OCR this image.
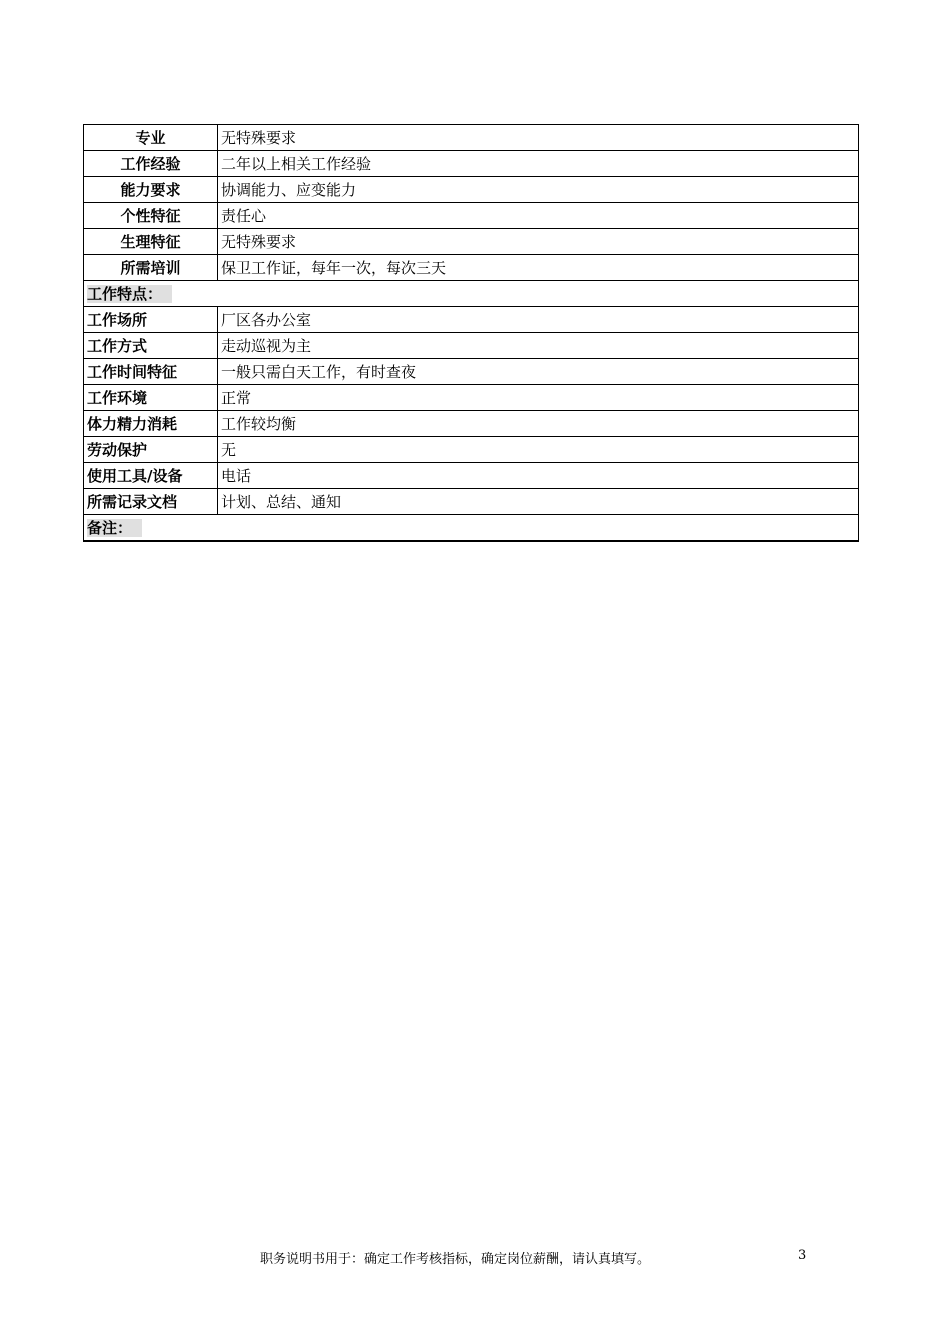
专业	无特殊要求
工作经验	二年以上相关工作经验
能力要求	协调能力、应变能力
个性特征	责任心
生理特征	无特殊要求
所需培训	保卫工作证，每年一次，每次三天
工作特点：	
工作场所	厂区各办公室
工作方式	走动巡视为主
工作时间特征	一般只需白天工作，有时查夜
工作环境	正常
体力精力消耗	工作较均衡
劳动保护	无
使用工具/设备	电话
所需记录文档	计划、总结、通知
备注：	
职务说明书用于：确定工作考核指标，确定岗位薪酬，请认真填写。	3
